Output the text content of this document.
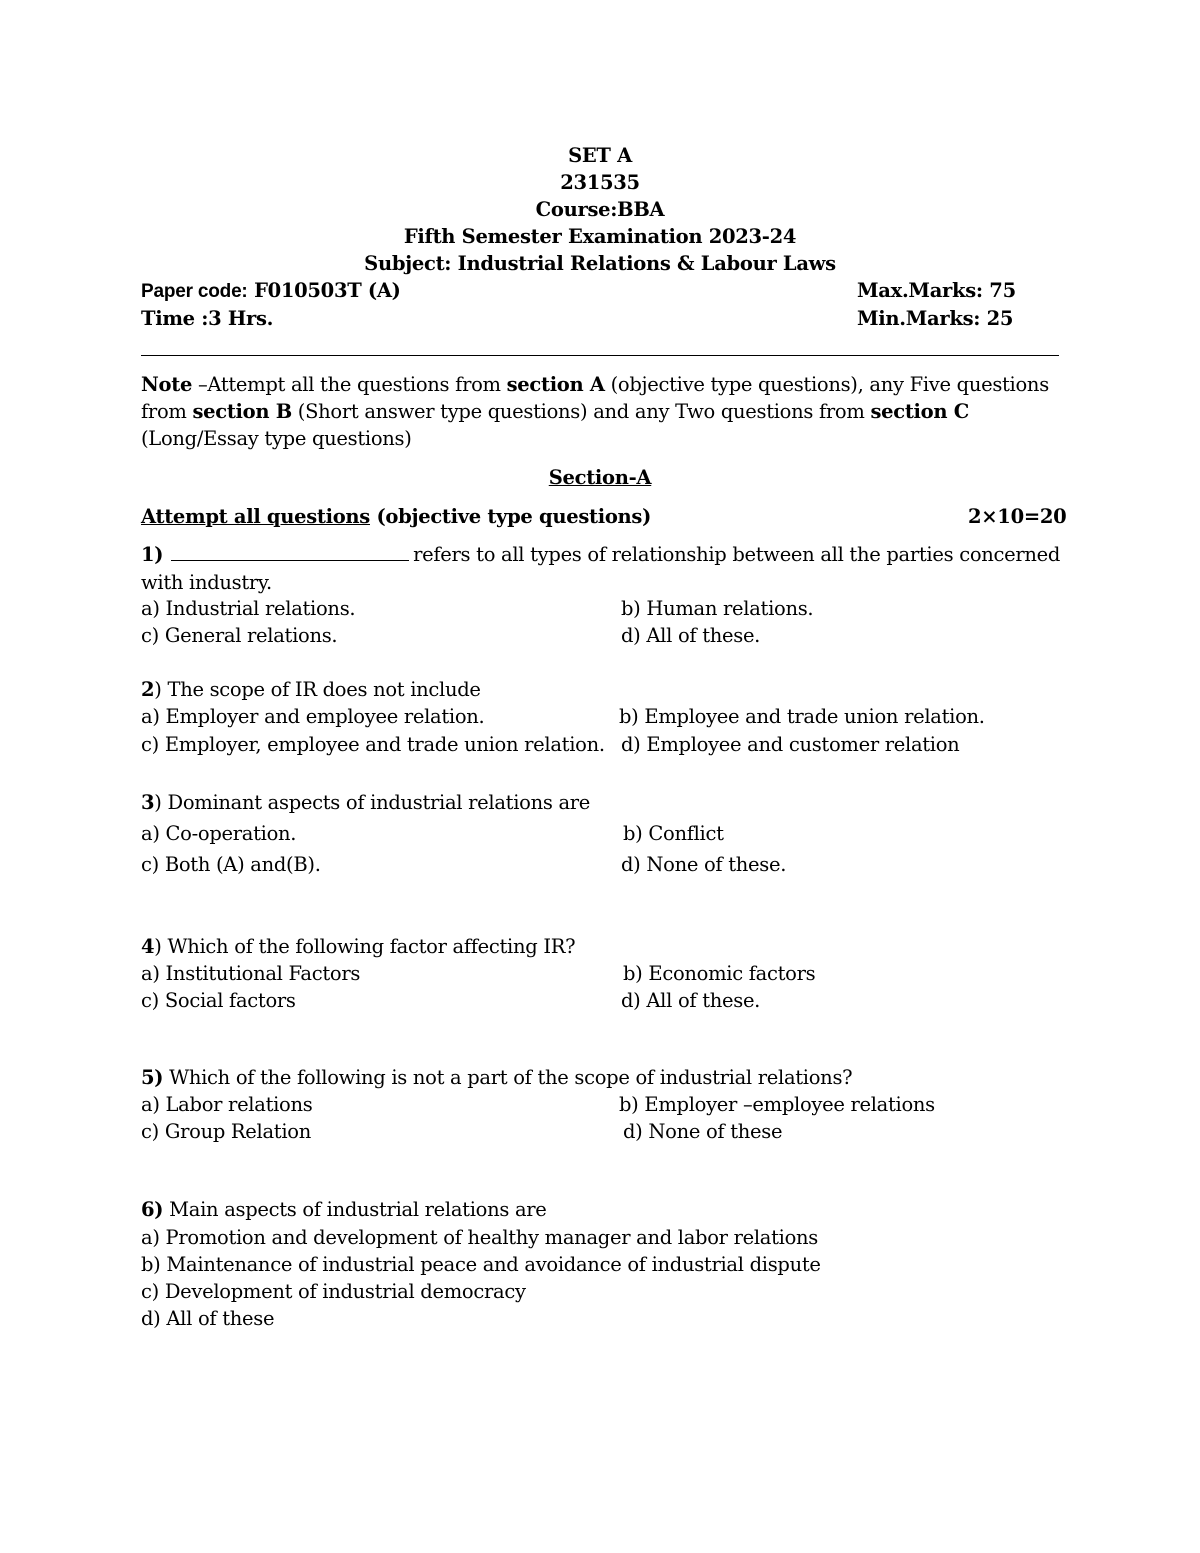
SET A
231535
Course:BBA
Fifth Semester Examination 2023-24
Subject: Industrial Relations & Labour Laws
Paper code: F010503T (A)	Max.Marks: 75
Time :3 Hrs.	Min.Marks: 25
Note –Attempt all the questions from section A (objective type questions), any Five questions from section B (Short answer type questions) and any Two questions from section C
(Long/Essay type questions)
Section-A
Attempt all questions (objective type questions)	2×10=20
1)	refers to all types of relationship between all the parties concerned with industry.
a) Industrial relations.	b) Human relations.
c) General relations.	d) All of these.
2) The scope of IR does not include
a) Employer and employee relation.	b) Employee and trade union relation.
c) Employer, employee and trade union relation. d) Employee and customer relation
3) Dominant aspects of industrial relations are
a) Co-operation.	b) Conflict
c) Both (A) and(B).	d) None of these.
4) Which of the following factor affecting IR?
a) Institutional Factors	b) Economic factors
c) Social factors	d) All of these.
5) Which of the following is not a part of the scope of industrial relations?
a) Labor relations	b) Employer –employee relations
c) Group Relation	d) None of these
6) Main aspects of industrial relations are
a) Promotion and development of healthy manager and labor relations
b) Maintenance of industrial peace and avoidance of industrial dispute
c) Development of industrial democracy
d) All of these
